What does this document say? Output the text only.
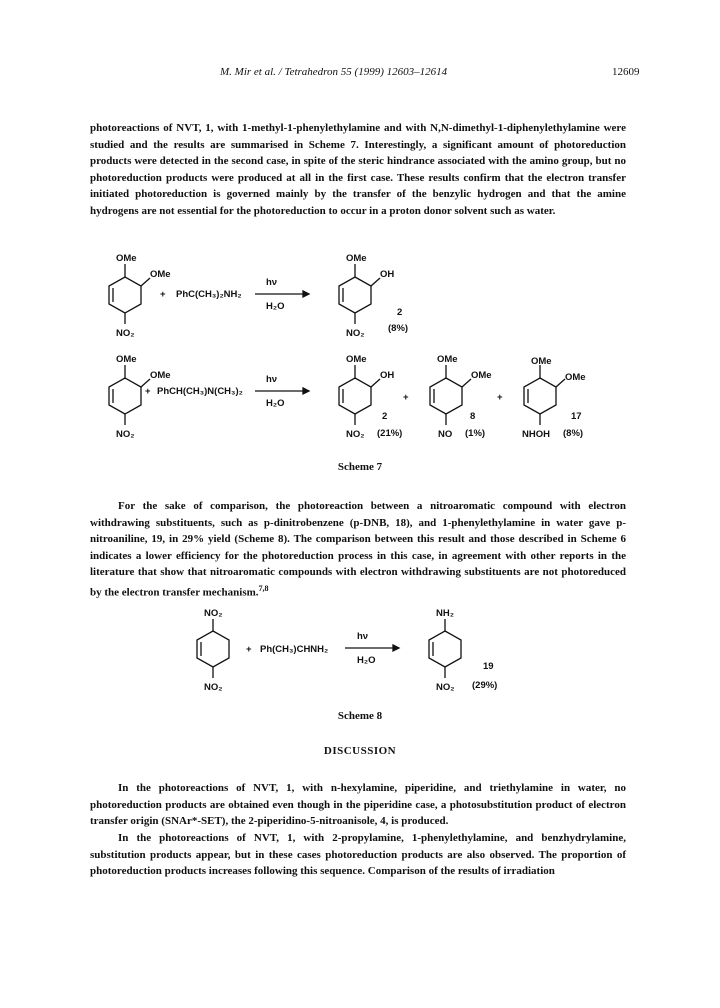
M. Mir et al. / Tetrahedron 55 (1999) 12603–12614	12609
photoreactions of NVT, 1, with 1-methyl-1-phenylethylamine and with N,N-dimethyl-1-diphenylethylamine were studied and the results are summarised in Scheme 7. Interestingly, a significant amount of photoreduction products were detected in the second case, in spite of the steric hindrance associated with the amino group, but no photoreduction products were produced at all in the first case. These results confirm that the electron transfer initiated photoreduction is governed mainly by the transfer of the benzylic hydrogen and that the amine hydrogens are not essential for the photoreduction to occur in a proton donor solvent such as water.
OMe
OMe
NO₂
+ PhC(CH₃)₂NH₂
hν
H₂O
OMe
OH
NO₂
2
(8%)
OMe
OMe
NO₂
+ PhCH(CH₃)N(CH₃)₂
hν
H₂O
OMe
OH
NO₂
2
(21%)
+
OMe
OMe
NO
8
(1%)
+
OMe
OMe
NHOH
17
(8%)
Scheme 7
For the sake of comparison, the photoreaction between a nitroaromatic compound with electron withdrawing substituents, such as p-dinitrobenzene (p-DNB, 18), and 1-phenylethylamine in water gave p-nitroaniline, 19, in 29% yield (Scheme 8). The comparison between this result and those described in Scheme 6 indicates a lower efficiency for the photoreduction process in this case, in agreement with other reports in the literature that show that nitroaromatic compounds with electron withdrawing substituents are not photoreduced by the electron transfer mechanism.$^{7,8}$
NO₂
NO₂
+ Ph(CH₃)CHNH₂
hν
H₂O
NH₂
NO₂
19
(29%)
Scheme 8
DISCUSSION
In the photoreactions of NVT, 1, with n-hexylamine, piperidine, and triethylamine in water, no photoreduction products are obtained even though in the piperidine case, a photosubstitution product of electron transfer origin (SNAr*-SET), the 2-piperidino-5-nitroanisole, 4, is produced.
In the photoreactions of NVT, 1, with 2-propylamine, 1-phenylethylamine, and benzhydrylamine, substitution products appear, but in these cases photoreduction products are also observed. The proportion of photoreduction products increases following this sequence. Comparison of the results of irradiation
